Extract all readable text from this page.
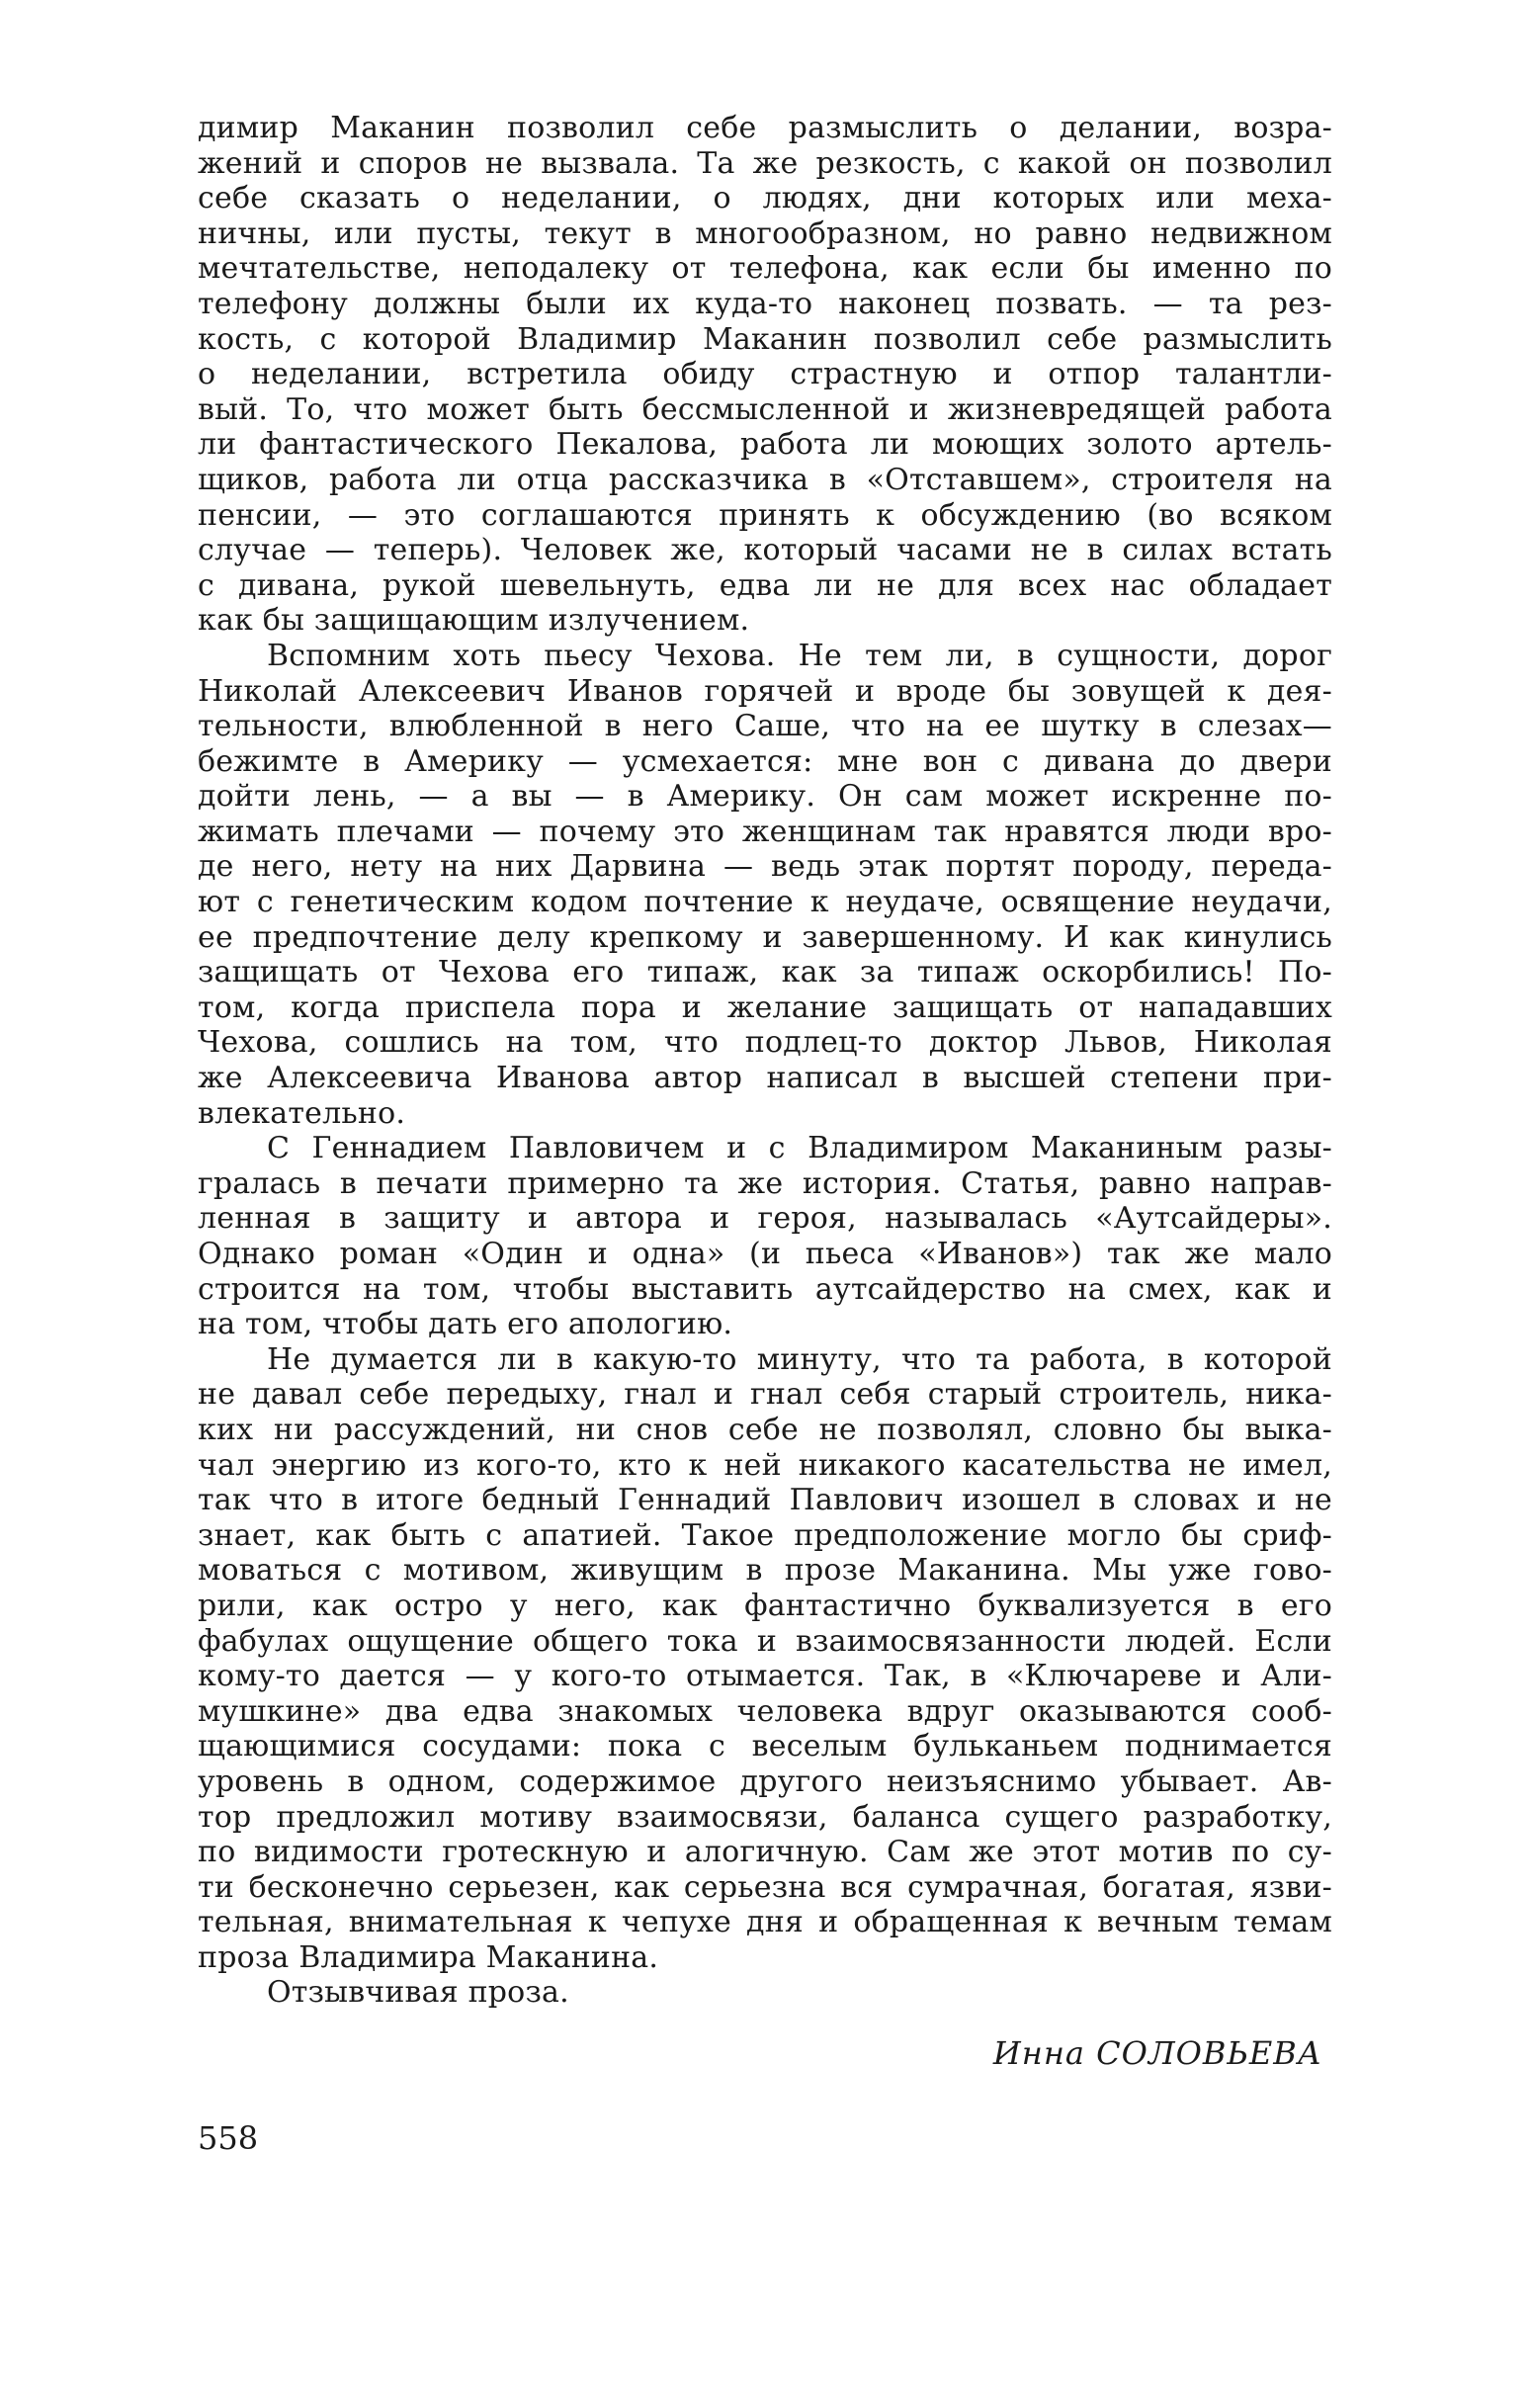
димир Маканин позволил себе размыслить о делании, возра-
жений и споров не вызвала. Та же резкость, с какой он позволил
себе сказать о неделании, о людях, дни которых или меха-
ничны, или пусты, текут в многообразном, но равно недвижном
мечтательстве, неподалеку от телефона, как если бы именно по
телефону должны были их куда-то наконец позвать. — та рез-
кость, с которой Владимир Маканин позволил себе размыслить
о неделании, встретила обиду страстную и отпор талантли-
вый. То, что может быть бессмысленной и жизневредящей работа
ли фантастического Пекалова, работа ли моющих золото артель-
щиков, работа ли отца рассказчика в «Отставшем», строителя на
пенсии, — это соглашаются принять к обсуждению (во всяком
случае — теперь). Человек же, который часами не в силах встать
с дивана, рукой шевельнуть, едва ли не для всех нас обладает
как бы защищающим излучением.
Вспомним хоть пьесу Чехова. Не тем ли, в сущности, дорог
Николай Алексеевич Иванов горячей и вроде бы зовущей к дея-
тельности, влюбленной в него Саше, что на ее шутку в слезах—
бежимте в Америку — усмехается: мне вон с дивана до двери
дойти лень, — а вы — в Америку. Он сам может искренне по-
жимать плечами — почему это женщинам так нравятся люди вро-
де него, нету на них Дарвина — ведь этак портят породу, переда-
ют с генетическим кодом почтение к неудаче, освящение неудачи,
ее предпочтение делу крепкому и завершенному. И как кинулись
защищать от Чехова его типаж, как за типаж оскорбились! По-
том, когда приспела пора и желание защищать от нападавших
Чехова, сошлись на том, что подлец-то доктор Львов, Николая
же Алексеевича Иванова автор написал в высшей степени при-
влекательно.
С Геннадием Павловичем и с Владимиром Маканиным разы-
гралась в печати примерно та же история. Статья, равно направ-
ленная в защиту и автора и героя, называлась «Аутсайдеры».
Однако роман «Один и одна» (и пьеса «Иванов») так же мало
строится на том, чтобы выставить аутсайдерство на смех, как и
на том, чтобы дать его апологию.
Не думается ли в какую-то минуту, что та работа, в которой
не давал себе передыху, гнал и гнал себя старый строитель, ника-
ких ни рассуждений, ни снов себе не позволял, словно бы выка-
чал энергию из кого-то, кто к ней никакого касательства не имел,
так что в итоге бедный Геннадий Павлович изошел в словах и не
знает, как быть с апатией. Такое предположение могло бы сриф-
моваться с мотивом, живущим в прозе Маканина. Мы уже гово-
рили, как остро у него, как фантастично буквализуется в его
фабулах ощущение общего тока и взаимосвязанности людей. Если
кому-то дается — у кого-то отымается. Так, в «Ключареве и Али-
мушкине» два едва знакомых человека вдруг оказываются сооб-
щающимися сосудами: пока с веселым бульканьем поднимается
уровень в одном, содержимое другого неизъяснимо убывает. Ав-
тор предложил мотиву взаимосвязи, баланса сущего разработку,
по видимости гротескную и алогичную. Сам же этот мотив по су-
ти бесконечно серьезен, как серьезна вся сумрачная, богатая, язви-
тельная, внимательная к чепухе дня и обращенная к вечным темам
проза Владимира Маканина.
Отзывчивая проза.
Инна СОЛОВЬЕВА
558
